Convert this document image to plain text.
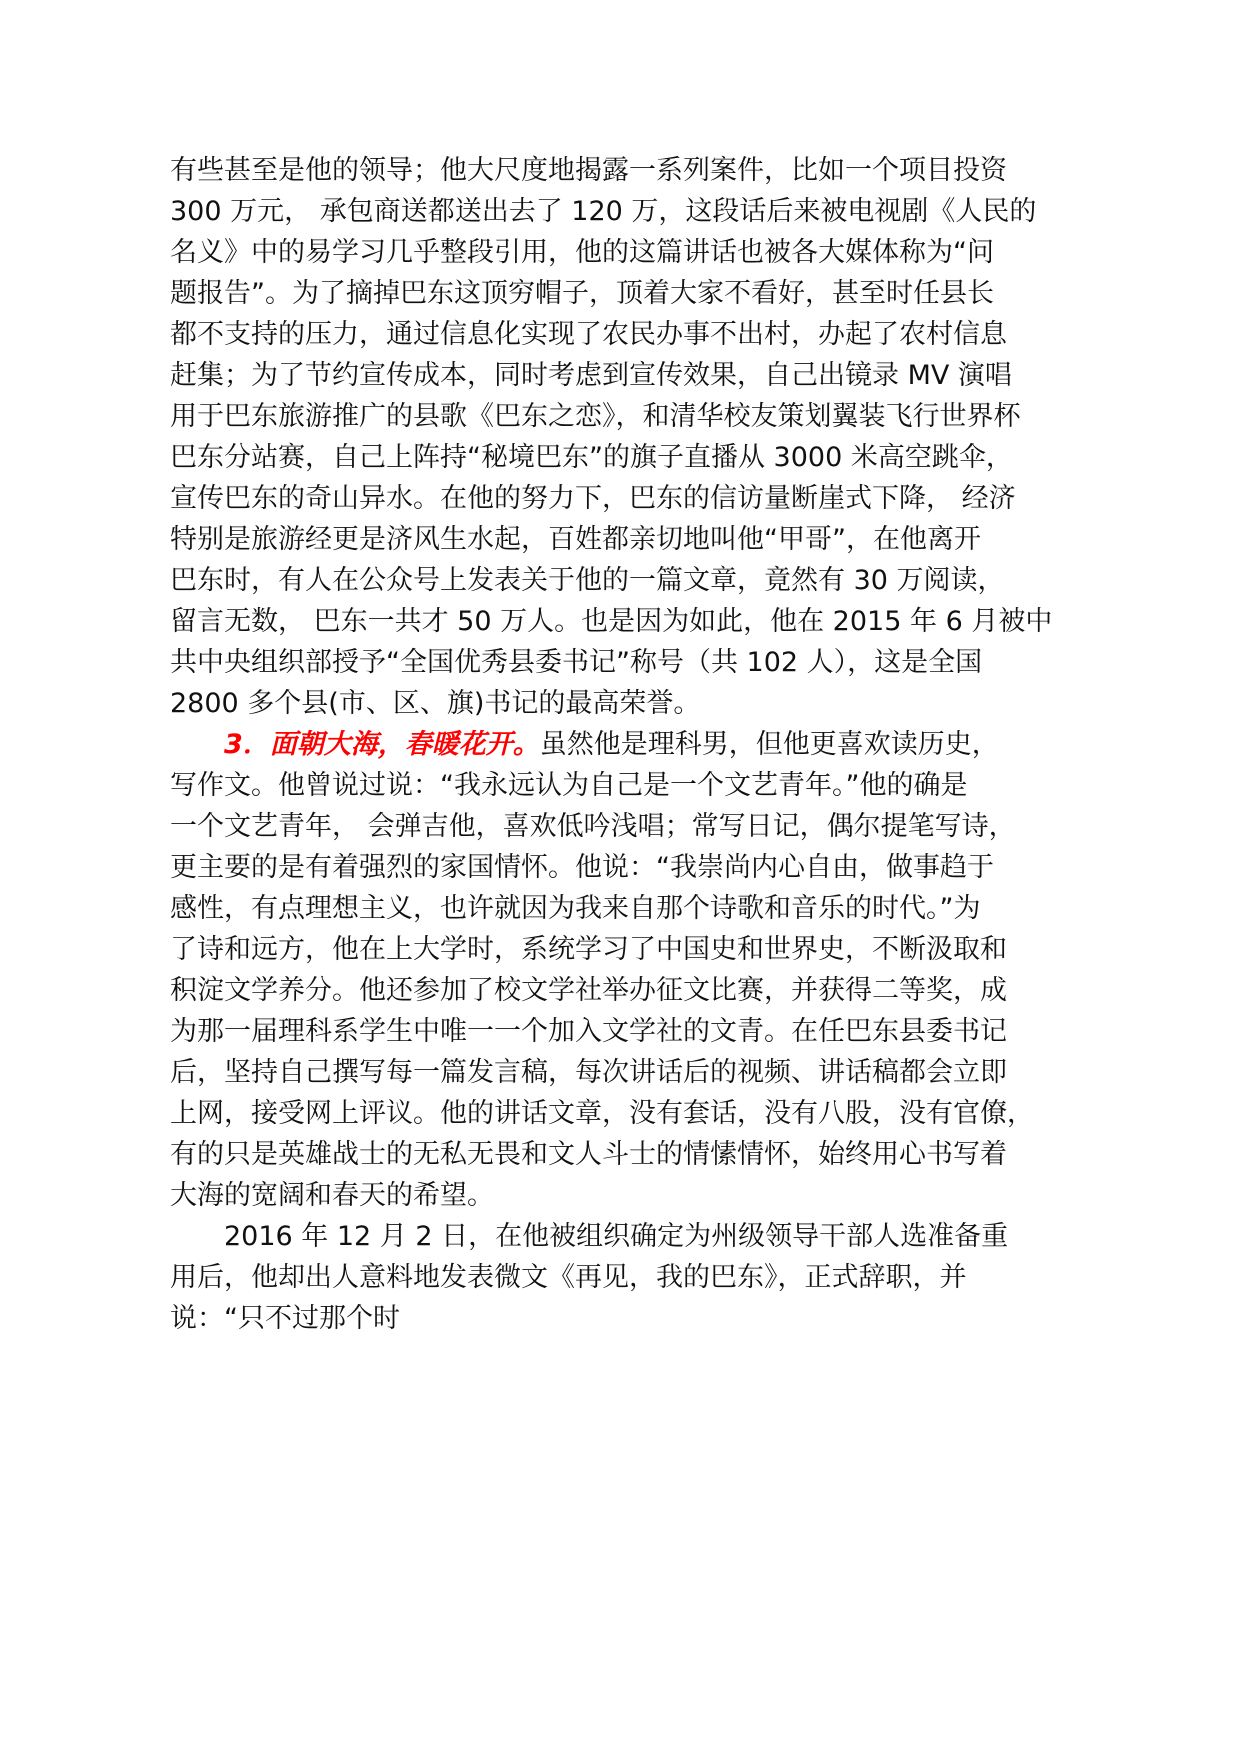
有些甚至是他的领导；他大尺度地揭露一系列案件，比如一个项目投资
300 万元， 承包商送都送出去了 120 万，这段话后来被电视剧《人民的
名义》中的易学习几乎整段引用，他的这篇讲话也被各大媒体称为“问
题报告”。为了摘掉巴东这顶穷帽子，顶着大家不看好，甚至时任县长
都不支持的压力，通过信息化实现了农民办事不出村，办起了农村信息
赶集；为了节约宣传成本，同时考虑到宣传效果，自己出镜录 MV 演唱
用于巴东旅游推广的县歌《巴东之恋》，和清华校友策划翼装飞行世界杯
巴东分站赛，自己上阵持“秘境巴东”的旗子直播从 3000 米高空跳伞，
宣传巴东的奇山异水。在他的努力下，巴东的信访量断崖式下降， 经济
特别是旅游经更是济风生水起，百姓都亲切地叫他“甲哥”，在他离开
巴东时，有人在公众号上发表关于他的一篇文章，竟然有 30 万阅读，
留言无数， 巴东一共才 50 万人。也是因为如此，他在 2015 年 6 月被中
共中央组织部授予“全国优秀县委书记”称号（共 102 人），这是全国
2800 多个县(市、区、旗)书记的最高荣誉。
3．面朝大海，春暖花开。虽然他是理科男，但他更喜欢读历史，
写作文。他曾说过说：“我永远认为自己是一个文艺青年。”他的确是
一个文艺青年， 会弹吉他，喜欢低吟浅唱；常写日记，偶尔提笔写诗，
更主要的是有着强烈的家国情怀。他说：“我崇尚内心自由，做事趋于
感性，有点理想主义，也许就因为我来自那个诗歌和音乐的时代。”为
了诗和远方，他在上大学时，系统学习了中国史和世界史，不断汲取和
积淀文学养分。他还参加了校文学社举办征文比赛，并获得二等奖，成
为那一届理科系学生中唯一一个加入文学社的文青。在任巴东县委书记
后，坚持自己撰写每一篇发言稿，每次讲话后的视频、讲话稿都会立即
上网，接受网上评议。他的讲话文章，没有套话，没有八股，没有官僚，
有的只是英雄战士的无私无畏和文人斗士的情愫情怀，始终用心书写着
大海的宽阔和春天的希望。
2016 年 12 月 2 日，在他被组织确定为州级领导干部人选准备重
用后，他却出人意料地发表微文《再见，我的巴东》，正式辞职，并
说：“只不过那个时
